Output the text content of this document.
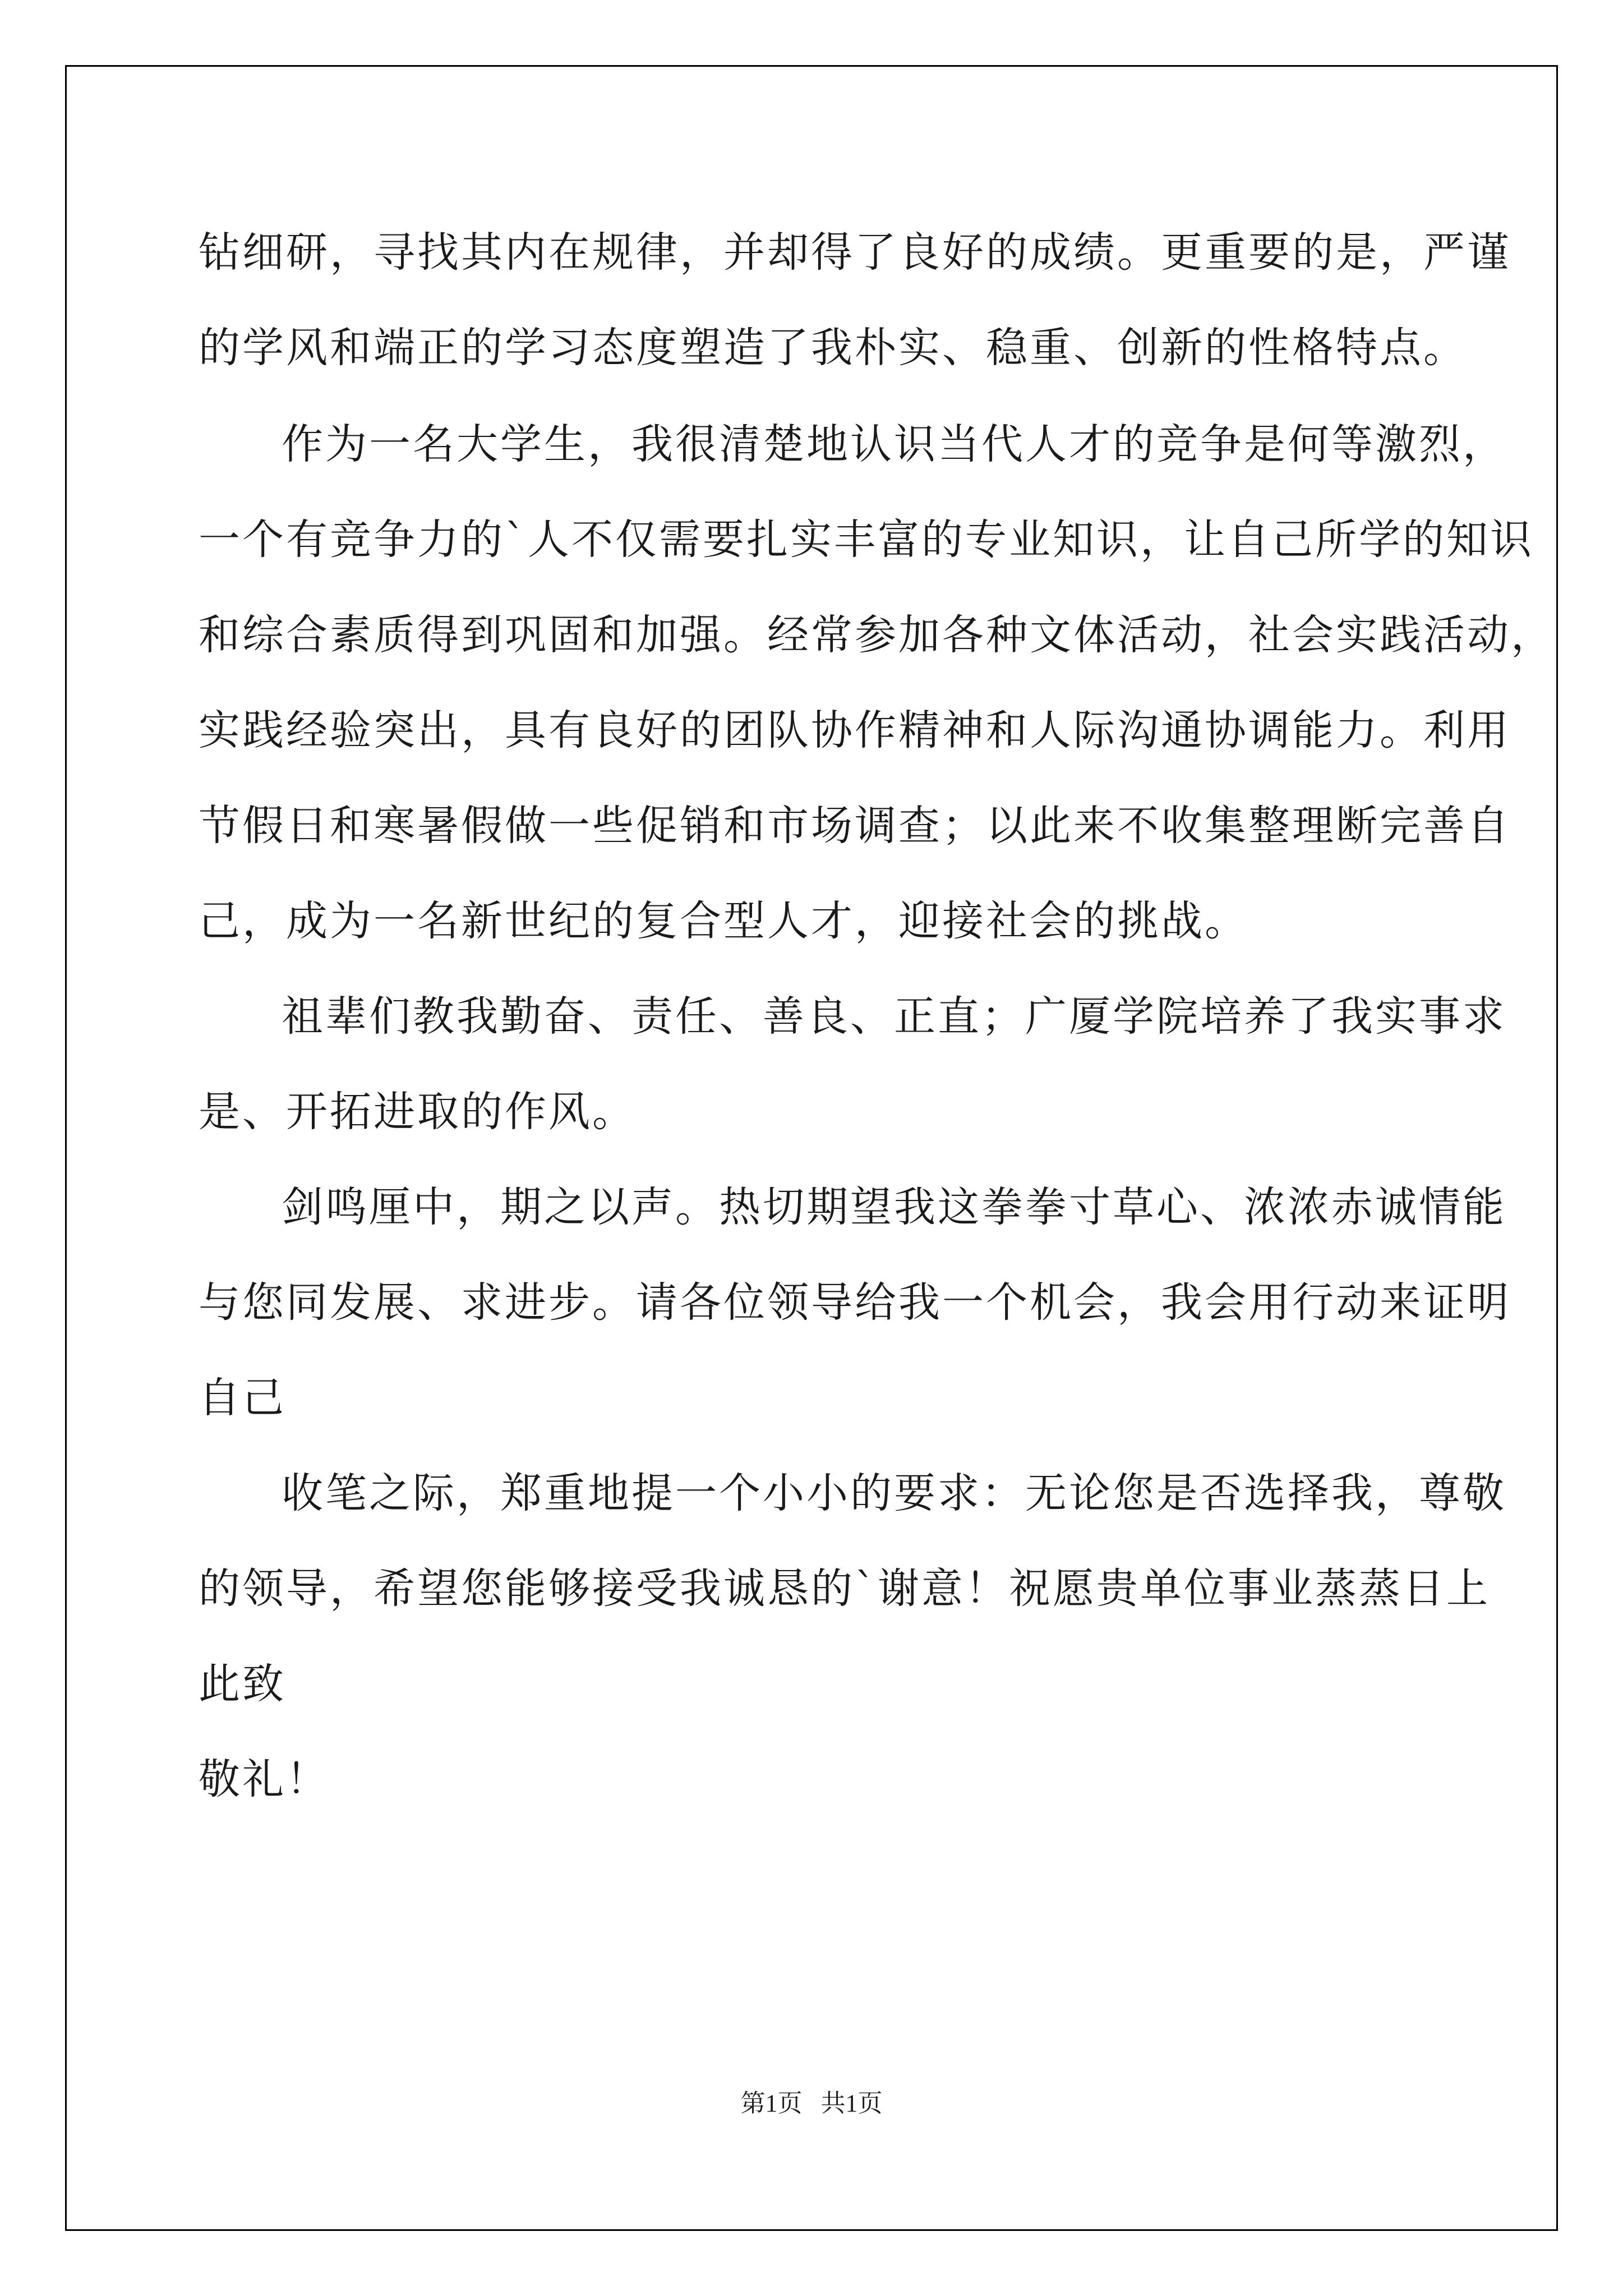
钻细研，寻找其内在规律，并却得了良好的成绩。更重要的是，严谨
的学风和端正的学习态度塑造了我朴实、稳重、创新的性格特点。
作为一名大学生，我很清楚地认识当代人才的竞争是何等激烈，
一个有竞争力的`人不仅需要扎实丰富的专业知识，让自己所学的知识
和综合素质得到巩固和加强。经常参加各种文体活动，社会实践活动，
实践经验突出，具有良好的团队协作精神和人际沟通协调能力。利用
节假日和寒暑假做一些促销和市场调查；以此来不收集整理断完善自
己，成为一名新世纪的复合型人才，迎接社会的挑战。
祖辈们教我勤奋、责任、善良、正直；广厦学院培养了我实事求
是、开拓进取的作风。
剑鸣厘中，期之以声。热切期望我这拳拳寸草心、浓浓赤诚情能
与您同发展、求进步。请各位领导给我一个机会，我会用行动来证明
自己
收笔之际，郑重地提一个小小的要求：无论您是否选择我，尊敬
的领导，希望您能够接受我诚恳的`谢意！祝愿贵单位事业蒸蒸日上
此致
敬礼！
第1页   共1页
